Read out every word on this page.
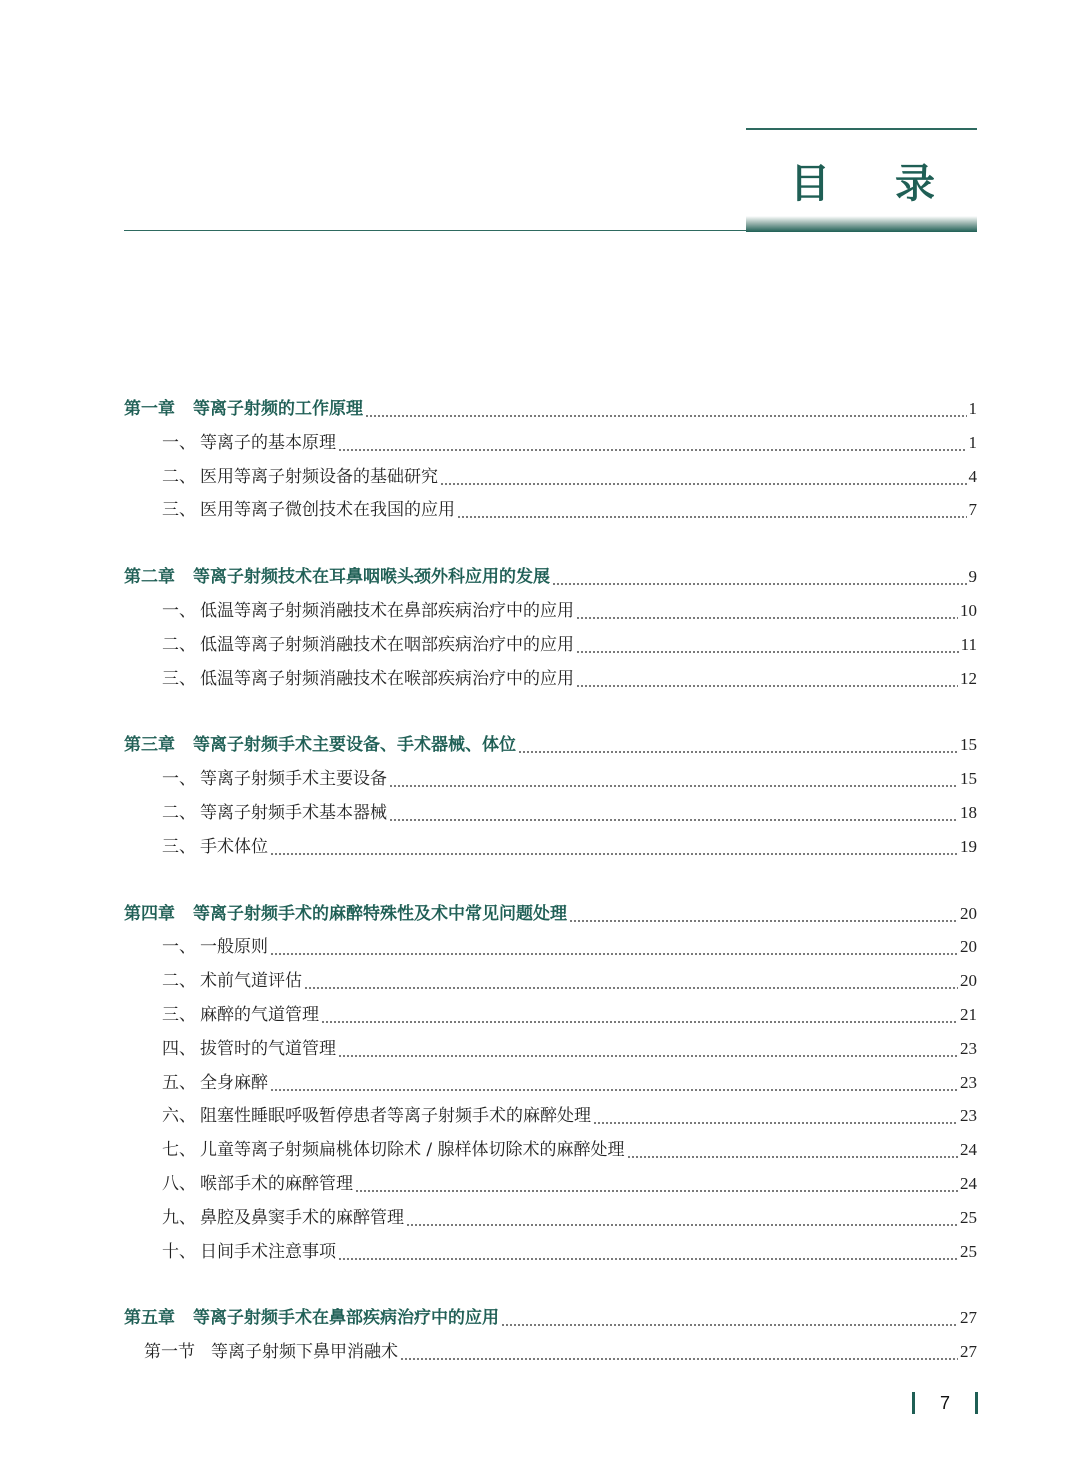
目 录
第一章 等离子射频的工作原理	1
一、 等离子的基本原理	1
二、 医用等离子射频设备的基础研究	4
三、 医用等离子微创技术在我国的应用	7
第二章 等离子射频技术在耳鼻咽喉头颈外科应用的发展	9
一、 低温等离子射频消融技术在鼻部疾病治疗中的应用	10
二、 低温等离子射频消融技术在咽部疾病治疗中的应用	11
三、 低温等离子射频消融技术在喉部疾病治疗中的应用	12
第三章 等离子射频手术主要设备、手术器械、体位	15
一、 等离子射频手术主要设备	15
二、 等离子射频手术基本器械	18
三、 手术体位	19
第四章 等离子射频手术的麻醉特殊性及术中常见问题处理	20
一、 一般原则	20
二、 术前气道评估	20
三、 麻醉的气道管理	21
四、 拔管时的气道管理	23
五、 全身麻醉	23
六、 阻塞性睡眠呼吸暂停患者等离子射频手术的麻醉处理	23
七、 儿童等离子射频扁桃体切除术 / 腺样体切除术的麻醉处理	24
八、 喉部手术的麻醉管理	24
九、 鼻腔及鼻窦手术的麻醉管理	25
十、 日间手术注意事项	25
第五章 等离子射频手术在鼻部疾病治疗中的应用	27
第一节 等离子射频下鼻甲消融术	27
7
